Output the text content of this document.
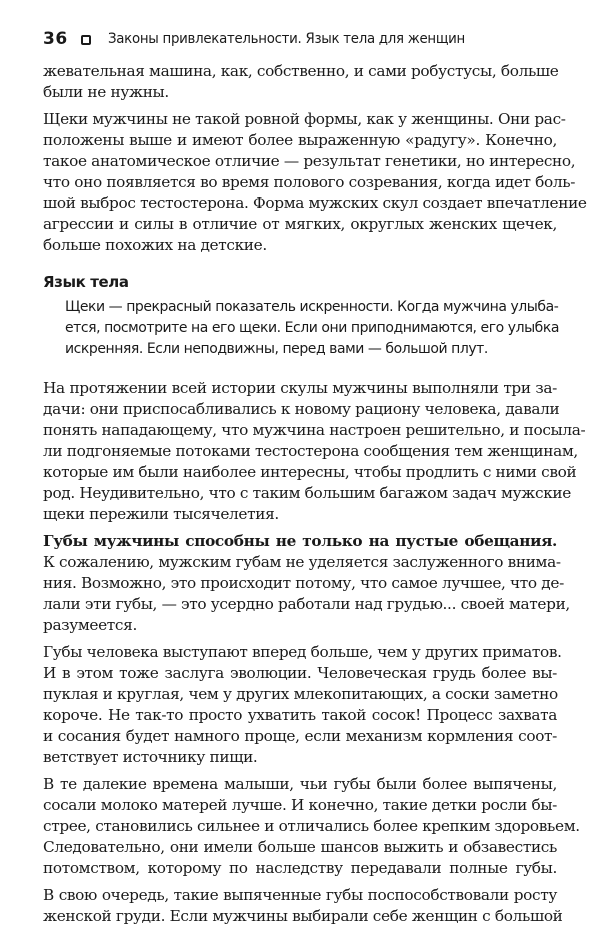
36	Законы привлекательности. Язык тела для женщин
жевательная машина, как, собственно, и сами робустусы, больше
были не нужны.
Щеки мужчины не такой ровной формы, как у женщины. Они рас-
положены выше и имеют более выраженную «радугу». Конечно,
такое анатомическое отличие — результат генетики, но интересно,
что оно появляется во время полового созревания, когда идет боль-
шой выброс тестостерона. Форма мужских скул создает впечатление
агрессии и силы в отличие от мягких, округлых женских щечек,
больше похожих на детские.
Язык тела
Щеки — прекрасный показатель искренности. Когда мужчина улыба-
ется, посмотрите на его щеки. Если они приподнимаются, его улыбка
искренняя. Если неподвижны, перед вами — большой плут.
На протяжении всей истории скулы мужчины выполняли три за-
дачи: они приспосабливались к новому рациону человека, давали
понять нападающему, что мужчина настроен решительно, и посыла-
ли подгоняемые потоками тестостерона сообщения тем женщинам,
которые им были наиболее интересны, чтобы продлить с ними свой
род. Неудивительно, что с таким большим багажом задач мужские
щеки пережили тысячелетия.
Губы мужчины способны не только на пустые обещания.
К сожалению, мужским губам не уделяется заслуженного внима-
ния. Возможно, это происходит потому, что самое лучшее, что де-
лали эти губы, — это усердно работали над грудью... своей матери,
разумеется.
Губы человека выступают вперед больше, чем у других приматов.
И в этом тоже заслуга эволюции. Человеческая грудь более вы-
пуклая и круглая, чем у других млекопитающих, а соски заметно
короче. Не так-то просто ухватить такой сосок! Процесс захвата
и сосания будет намного проще, если механизм кормления соот-
ветствует источнику пищи.
В те далекие времена малыши, чьи губы были более выпячены,
сосали молоко матерей лучше. И конечно, такие детки росли бы-
стрее, становились сильнее и отличались более крепким здоровьем.
Следовательно, они имели больше шансов выжить и обзавестись
потомством, которому по наследству передавали полные губы.
В свою очередь, такие выпяченные губы поспособствовали росту
женской груди. Если мужчины выбирали себе женщин с большой
